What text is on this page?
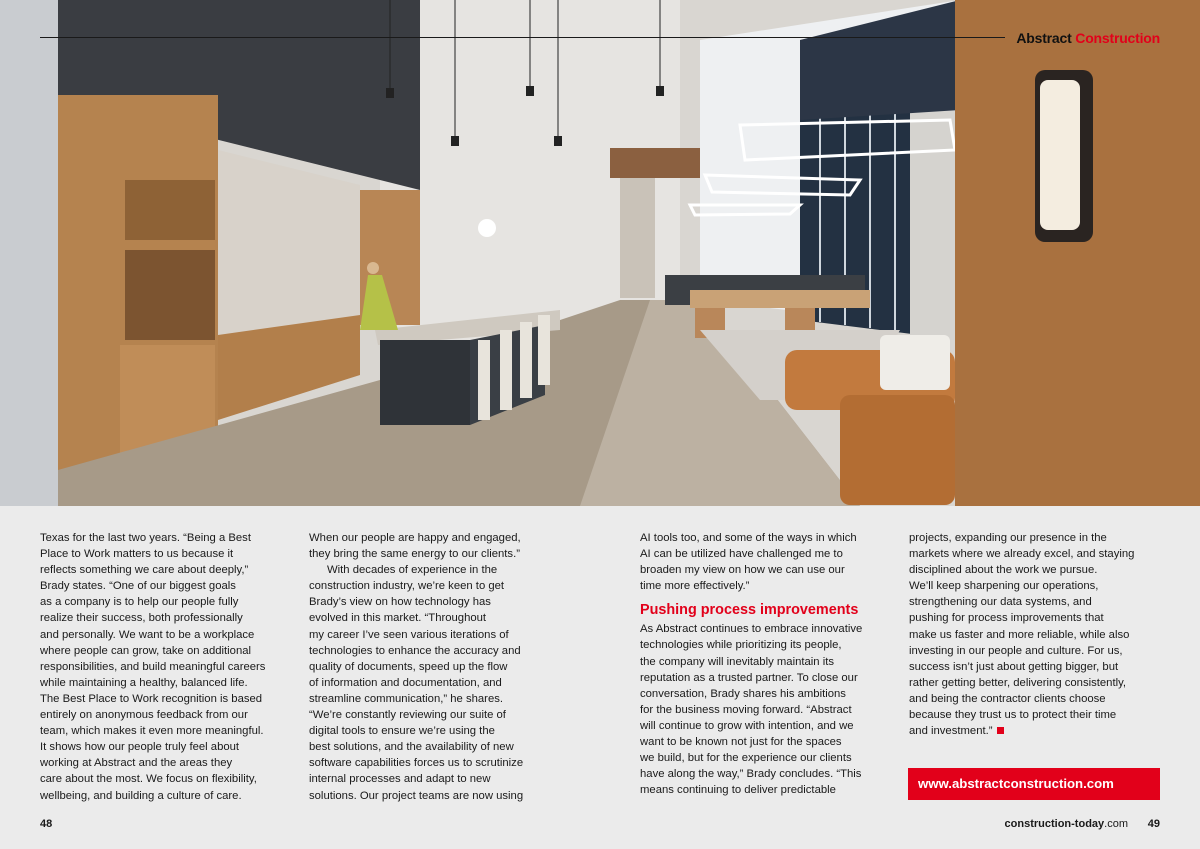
Abstract Construction

Texas for the last two years. “Being a Best
Place to Work matters to us because it
reflects something we care about deeply,”
Brady states. “One of our biggest goals
as a company is to help our people fully
realize their success, both professionally
and personally. We want to be a workplace
where people can grow, take on additional
responsibilities, and build meaningful careers
while maintaining a healthy, balanced life.
The Best Place to Work recognition is based
entirely on anonymous feedback from our
team, which makes it even more meaningful.
It shows how our people truly feel about
working at Abstract and the areas they
care about the most. We focus on flexibility,
wellbeing, and building a culture of care.

When our people are happy and engaged,
they bring the same energy to our clients.”

With decades of experience in the
construction industry, we’re keen to get
Brady’s view on how technology has
evolved in this market. “Throughout
my career I’ve seen various iterations of
technologies to enhance the accuracy and
quality of documents, speed up the flow
of information and documentation, and
streamline communication,” he shares.
“We’re constantly reviewing our suite of
digital tools to ensure we’re using the
best solutions, and the availability of new
software capabilities forces us to scrutinize
internal processes and adapt to new
solutions. Our project teams are now using

AI tools too, and some of the ways in which
AI can be utilized have challenged me to
broaden my view on how we can use our
time more effectively.”

Pushing process improvements

As Abstract continues to embrace innovative
technologies while prioritizing its people,
the company will inevitably maintain its
reputation as a trusted partner. To close our
conversation, Brady shares his ambitions
for the business moving forward. “Abstract
will continue to grow with intention, and we
want to be known not just for the spaces
we build, but for the experience our clients
have along the way,” Brady concludes. “This
means continuing to deliver predictable

projects, expanding our presence in the
markets where we already excel, and staying
disciplined about the work we pursue.
We’ll keep sharpening our operations,
strengthening our data systems, and
pushing for process improvements that
make us faster and more reliable, while also
investing in our people and culture. For us,
success isn’t just about getting bigger, but
rather getting better, delivering consistently,
and being the contractor clients choose
because they trust us to protect their time
and investment.”

www.abstractconstruction.com
48	construction-today.com 49
